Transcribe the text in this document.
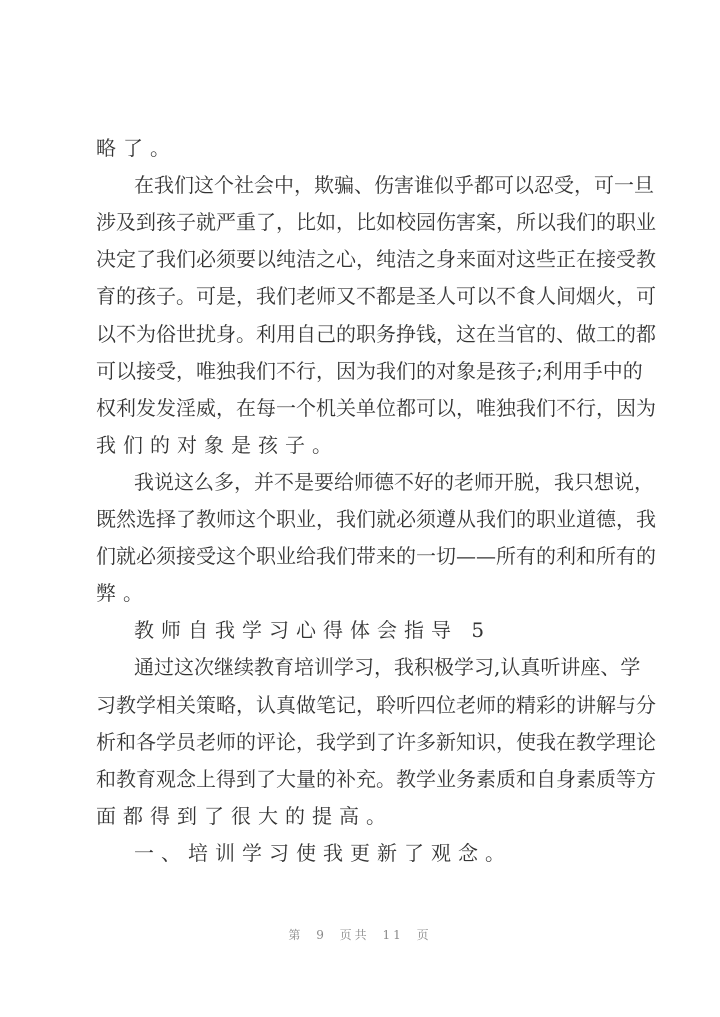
略了。
在我们这个社会中，欺骗、伤害谁似乎都可以忍受，可一旦
涉及到孩子就严重了，比如，比如校园伤害案，所以我们的职业
决定了我们必须要以纯洁之心，纯洁之身来面对这些正在接受教
育的孩子。可是，我们老师又不都是圣人可以不食人间烟火，可
以不为俗世扰身。利用自己的职务挣钱，这在当官的、做工的都
可以接受，唯独我们不行，因为我们的对象是孩子;利用手中的
权利发发淫威，在每一个机关单位都可以，唯独我们不行，因为
我们的对象是孩子。
我说这么多，并不是要给师德不好的老师开脱，我只想说，
既然选择了教师这个职业，我们就必须遵从我们的职业道德，我
们就必须接受这个职业给我们带来的一切——所有的利和所有的
弊。
教师自我学习心得体会指导 5
通过这次继续教育培训学习，我积极学习,认真听讲座、学
习教学相关策略，认真做笔记，聆听四位老师的精彩的讲解与分
析和各学员老师的评论，我学到了许多新知识，使我在教学理论
和教育观念上得到了大量的补充。教学业务素质和自身素质等方
面都得到了很大的提高。
一、培训学习使我更新了观念。
第 9 页共 11 页
